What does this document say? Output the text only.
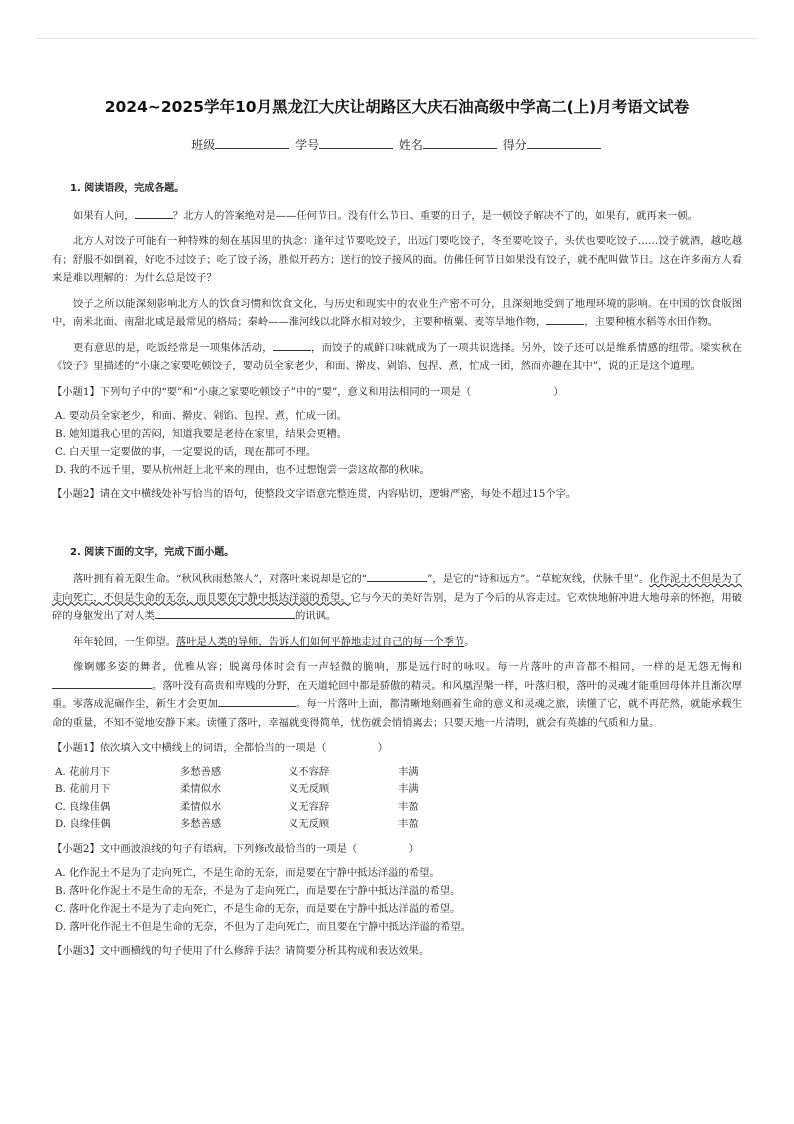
2024~2025学年10月黑龙江大庆让胡路区大庆石油高级中学高二(上)月考语文试卷
班级	学号	姓名	得分

1. 阅读语段，完成各题。

如果有人问，	？北方人的答案绝对是——任何节日。没有什么节日、重要的日子，是一顿饺子解决不了的，如果有，就再来一顿。

北方人对饺子可能有一种特殊的刻在基因里的执念：逢年过节要吃饺子，出远门要吃饺子，冬至要吃饺子，头伏也要吃饺子……饺子就酒，越吃越有；舒服不如倒着，好吃不过饺子；吃了饺子汤，胜似开药方；送行的饺子接风的面。仿佛任何节日如果没有饺子，就不配叫做节日。这在许多南方人看来是难以理解的：为什么总是饺子？

饺子之所以能深刻影响北方人的饮食习惯和饮食文化，与历史和现实中的农业生产密不可分，且深刻地受到了地理环境的影响。在中国的饮食版图中，南米北面、南甜北咸是最常见的格局；秦岭——淮河线以北降水相对较少，主要种植粟、麦等旱地作物，	，主要种植水稻等水田作物。

更有意思的是，吃饭经常是一项集体活动，	，而饺子的咸鲜口味就成为了一项共识选择。另外，饺子还可以是维系情感的纽带。梁实秋在《饺子》里描述的“小康之家要吃顿饺子，要动员全家老少，和面、擀皮、剁馅、包捏、煮，忙成一团，然而亦趣在其中”，说的正是这个道理。

【小题1】下列句子中的“要”和“小康之家要吃顿饺子”中的“要”，意义和用法相同的一项是（　　　　　　　　）

A. 要动员全家老少，和面、擀皮、剁馅、包捏、煮，忙成一团。

B. 她知道我心里的苦闷，知道我要是老待在家里，结果会更糟。

C. 白天里一定要做的事，一定要说的话，现在都可不理。

D. 我的不远千里，要从杭州赶上北平来的理由，也不过想饱尝一尝这故都的秋味。

【小题2】请在文中横线处补写恰当的语句，使整段文字语意完整连贯，内容贴切，逻辑严密，每处不超过15个字。

2. 阅读下面的文字，完成下面小题。

落叶拥有着无限生命。“秋风秋雨愁煞人”，对落叶来说却是它的“	”，是它的“诗和远方”。“草蛇灰线，伏脉千里”。化作泥土不但是为了走向死亡，不但是生命的无奈，而且要在宁静中抵达洋溢的希望。它与今天的美好告别，是为了今后的从容走过。它欢快地俯冲进大地母亲的怀抱，用破碎的身躯发出了对人类	的讯讽。

年年轮回，一生仰望。落叶是人类的导师，告诉人们如何平静地走过自己的每一个季节。

像婀娜多姿的舞者，优雅从容；脱离母体时会有一声轻微的脆响，那是远行时的咏叹。每一片落叶的声音都不相同，一样的是无怨无悔和。落叶没有高贵和卑贱的分野，在天道轮回中都是骄傲的精灵。和风凰涅槃一样，叶落归根，落叶的灵魂才能重回母体并且渐次厚重。零落成泥碾作尘，新生才会更加	。每一片落叶上面，都清晰地刻画着生命的意义和灵魂之旅，读懂了它，就不再茫然，就能承载生命的重量，不知不觉地安静下来。读懂了落叶，幸福就变得简单，忧伤就会悄悄离去；只要天地一片清明，就会有英雄的气质和力量。

【小题1】依次填入文中横线上的词语，全都恰当的一项是（　　　　　）

A. 花前月下	多愁善感	义不容辞	丰满
B. 花前月下	柔情似水	义无反顾	丰满
C. 良缘佳偶	柔情似水	义无容辞	丰盈
D. 良缘佳偶	多愁善感	义无反顾	丰盈

【小题2】文中画波浪线的句子有语病，下列修改最恰当的一项是（　　　　　）

A. 化作泥土不是为了走向死亡，不是生命的无奈，而是要在宁静中抵达洋溢的希望。

B. 落叶化作泥土不是生命的无奈，不是为了走向死亡，而是要在宁静中抵达洋溢的希望。

C. 落叶化作泥土不是为了走向死亡，不是生命的无奈，而是要在宁静中抵达洋溢的希望。

D. 落叶化作泥土不但是生命的无奈，不但为了走向死亡，而且要在宁静中抵达洋溢的希望。

【小题3】文中画横线的句子使用了什么修辞手法？请简要分析其构成和表达效果。
